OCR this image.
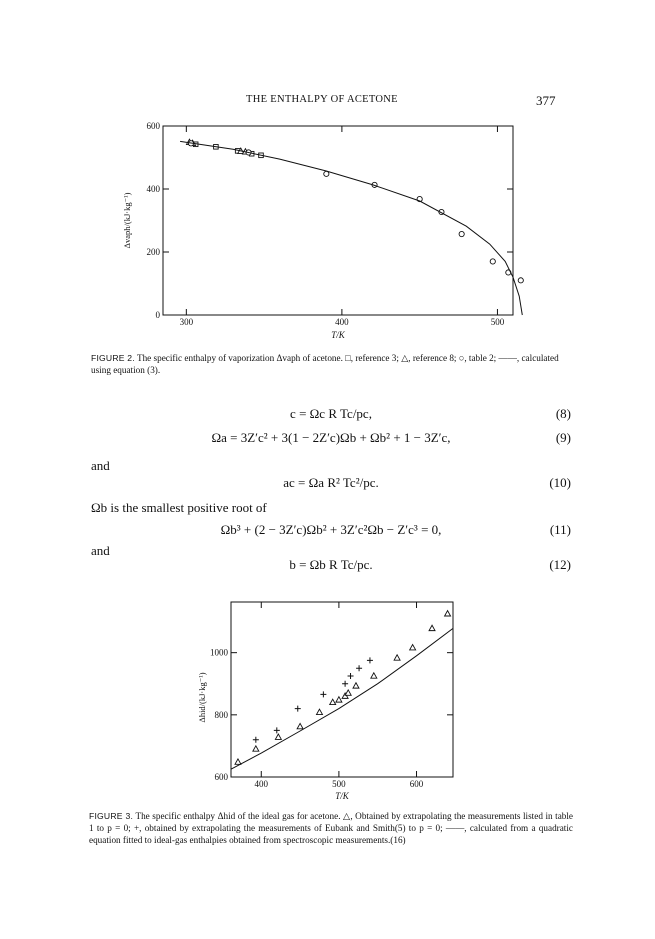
THE ENTHALPY OF ACETONE	377
300	400	500
0
200
400
600
T/K
Δvaph/(kJ·kg⁻¹)
FIGURE 2. The specific enthalpy of vaporization Δvaph of acetone. □, reference 3; △, reference 8; ○, table 2; ——, calculated using equation (3).
c = Ωc R Tc/pc,	(8)
Ωa = 3Z′c² + 3(1 − 2Z′c)Ωb + Ωb² + 1 − 3Z′c,	(9)
and
ac = Ωa R² Tc²/pc.	(10)
Ωb is the smallest positive root of
Ωb³ + (2 − 3Z′c)Ωb² + 3Z′c²Ωb − Z′c³ = 0,	(11)
and
b = Ωb R Tc/pc.	(12)
400	500	600
600
800
1000
T/K
Δhid/(kJ·kg⁻¹)
FIGURE 3. The specific enthalpy Δhid of the ideal gas for acetone. △, Obtained by extrapolating the measurements listed in table 1 to p = 0; +, obtained by extrapolating the measurements of Eubank and Smith(5) to p = 0; ——, calculated from a quadratic equation fitted to ideal-gas enthalpies obtained from spectroscopic measurements.(16)
